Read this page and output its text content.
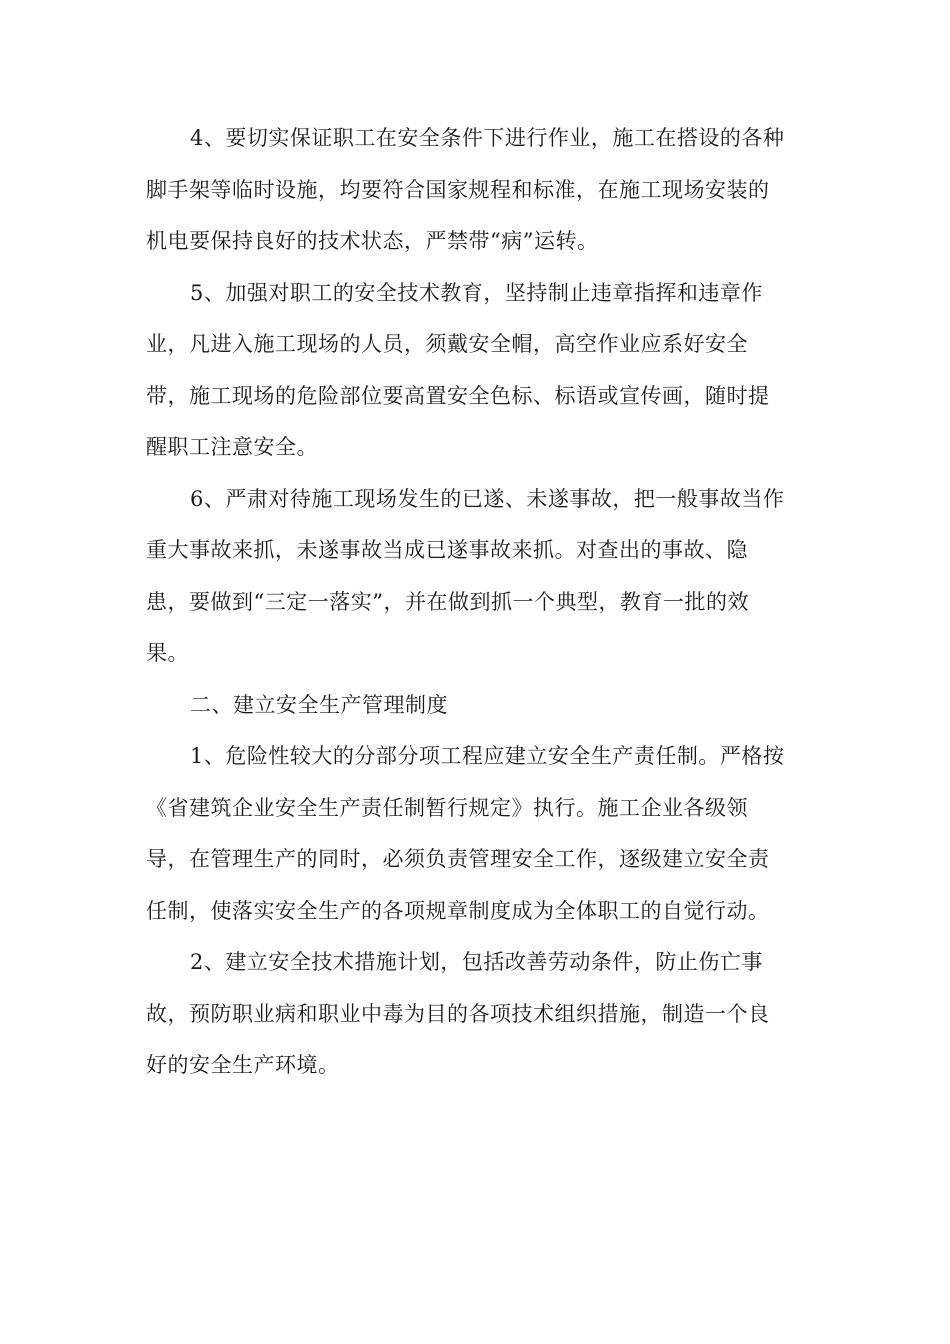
4、要切实保证职工在安全条件下进行作业，施工在搭设的各种
脚手架等临时设施，均要符合国家规程和标准，在施工现场安装的
机电要保持良好的技术状态，严禁带“病”运转。
5、加强对职工的安全技术教育，坚持制止违章指挥和违章作
业，凡进入施工现场的人员，须戴安全帽，高空作业应系好安全
带，施工现场的危险部位要高置安全色标、标语或宣传画，随时提
醒职工注意安全。
6、严肃对待施工现场发生的已遂、未遂事故，把一般事故当作
重大事故来抓，未遂事故当成已遂事故来抓。对查出的事故、隐
患，要做到“三定一落实”，并在做到抓一个典型，教育一批的效
果。
二、建立安全生产管理制度
1、危险性较大的分部分项工程应建立安全生产责任制。严格按
《省建筑企业安全生产责任制暂行规定》执行。施工企业各级领
导，在管理生产的同时，必须负责管理安全工作，逐级建立安全责
任制，使落实安全生产的各项规章制度成为全体职工的自觉行动。
2、建立安全技术措施计划，包括改善劳动条件，防止伤亡事
故，预防职业病和职业中毒为目的各项技术组织措施，制造一个良
好的安全生产环境。
